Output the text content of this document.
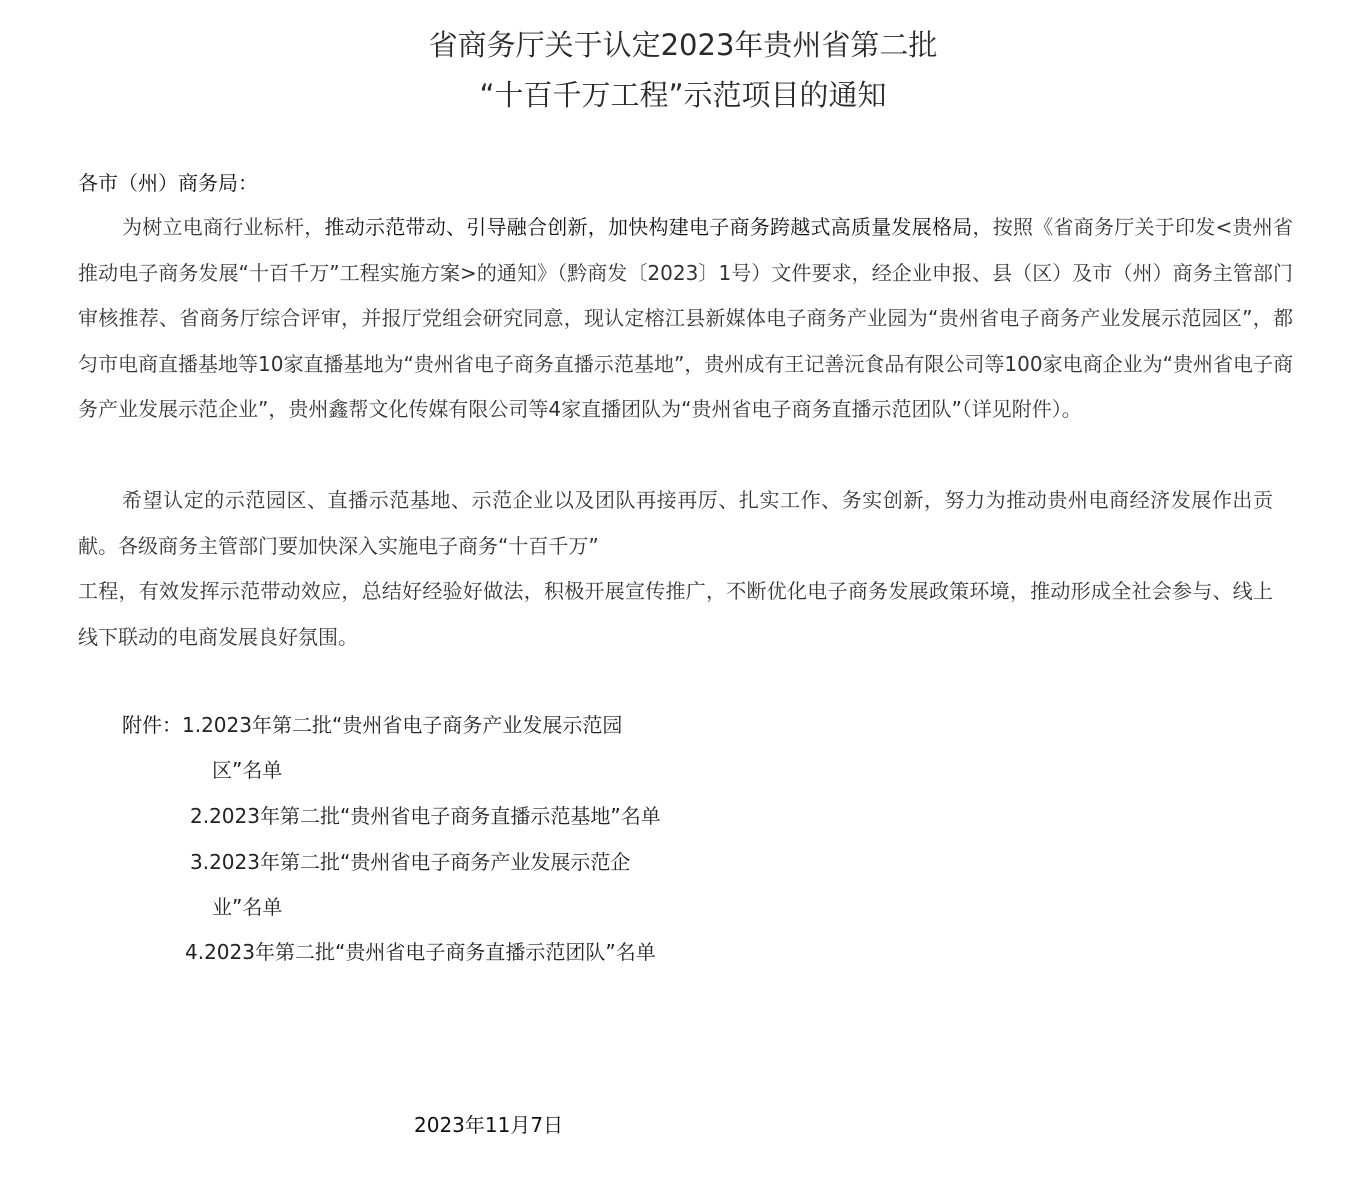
省商务厅关于认定2023年贵州省第二批
“十百千万工程”示范项目的通知
各市（州）商务局：
为树立电商行业标杆，推动示范带动、引导融合创新，加快构建电子商务跨越式高质量发展格局，按照《省商务厅关于印发<贵州省推动电子商务发展“十百千万”工程实施方案>的通知》（黔商发〔2023〕1号）文件要求，经企业申报、县（区）及市（州）商务主管部门审核推荐、省商务厅综合评审，并报厅党组会研究同意，现认定榕江县新媒体电子商务产业园为“贵州省电子商务产业发展示范园区”，都匀市电商直播基地等10家直播基地为“贵州省电子商务直播示范基地”，贵州成有王记善沅食品有限公司等100家电商企业为“贵州省电子商务产业发展示范企业”，贵州鑫帮文化传媒有限公司等4家直播团队为“贵州省电子商务直播示范团队”（详见附件）。
希望认定的示范园区、直播示范基地、示范企业以及团队再接再厉、扎实工作、务实创新，努力为推动贵州电商经济发展作出贡献。各级商务主管部门要加快深入实施电子商务“十百千万”
工程，有效发挥示范带动效应，总结好经验好做法，积极开展宣传推广，不断优化电子商务发展政策环境，推动形成全社会参与、线上线下联动的电商发展良好氛围。
附件：1.2023年第二批“贵州省电子商务产业发展示范园
区”名单
2.2023年第二批“贵州省电子商务直播示范基地”名单
3.2023年第二批“贵州省电子商务产业发展示范企
业”名单
4.2023年第二批“贵州省电子商务直播示范团队”名单
2023年11月7日
